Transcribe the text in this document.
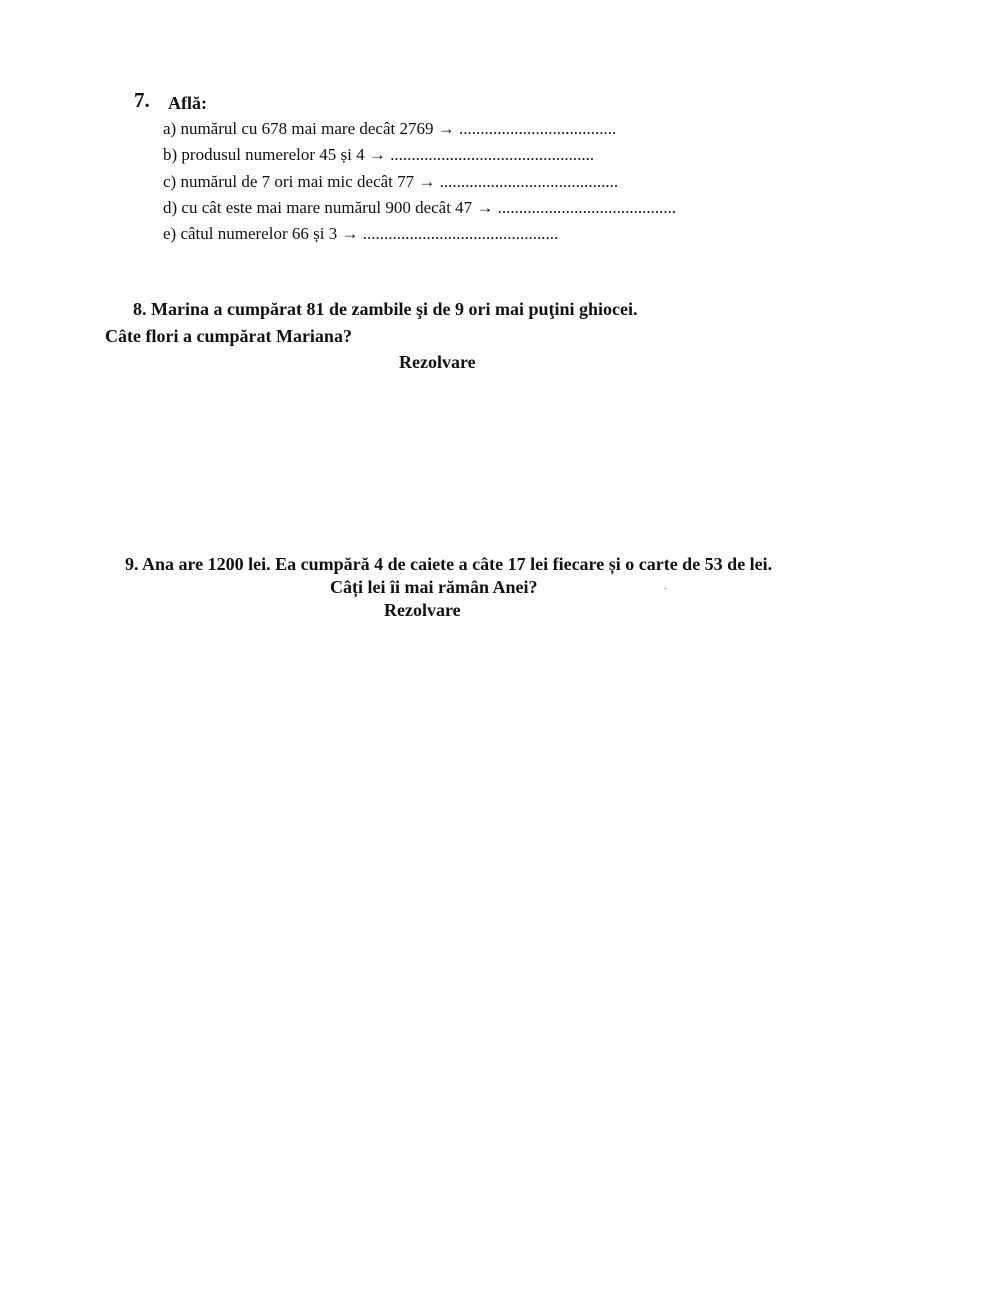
7. Află:
a) numărul cu 678 mai mare decât 2769 → .....................................
b) produsul numerelor 45 și 4 → ................................................
c) numărul de 7 ori mai mic decât 77 → ..........................................
d) cu cât este mai mare numărul 900 decât 47 → ..........................................
e) câtul numerelor 66 și 3 → ..............................................
8. Marina a cumpărat 81 de zambile şi de 9 ori mai puţini ghiocei.
Câte flori a cumpărat Mariana?
Rezolvare
9. Ana are 1200 lei. Ea cumpără 4 de caiete a câte 17 lei fiecare și o carte de 53 de lei.
Câți lei îi mai rămân Anei?
Rezolvare
.
